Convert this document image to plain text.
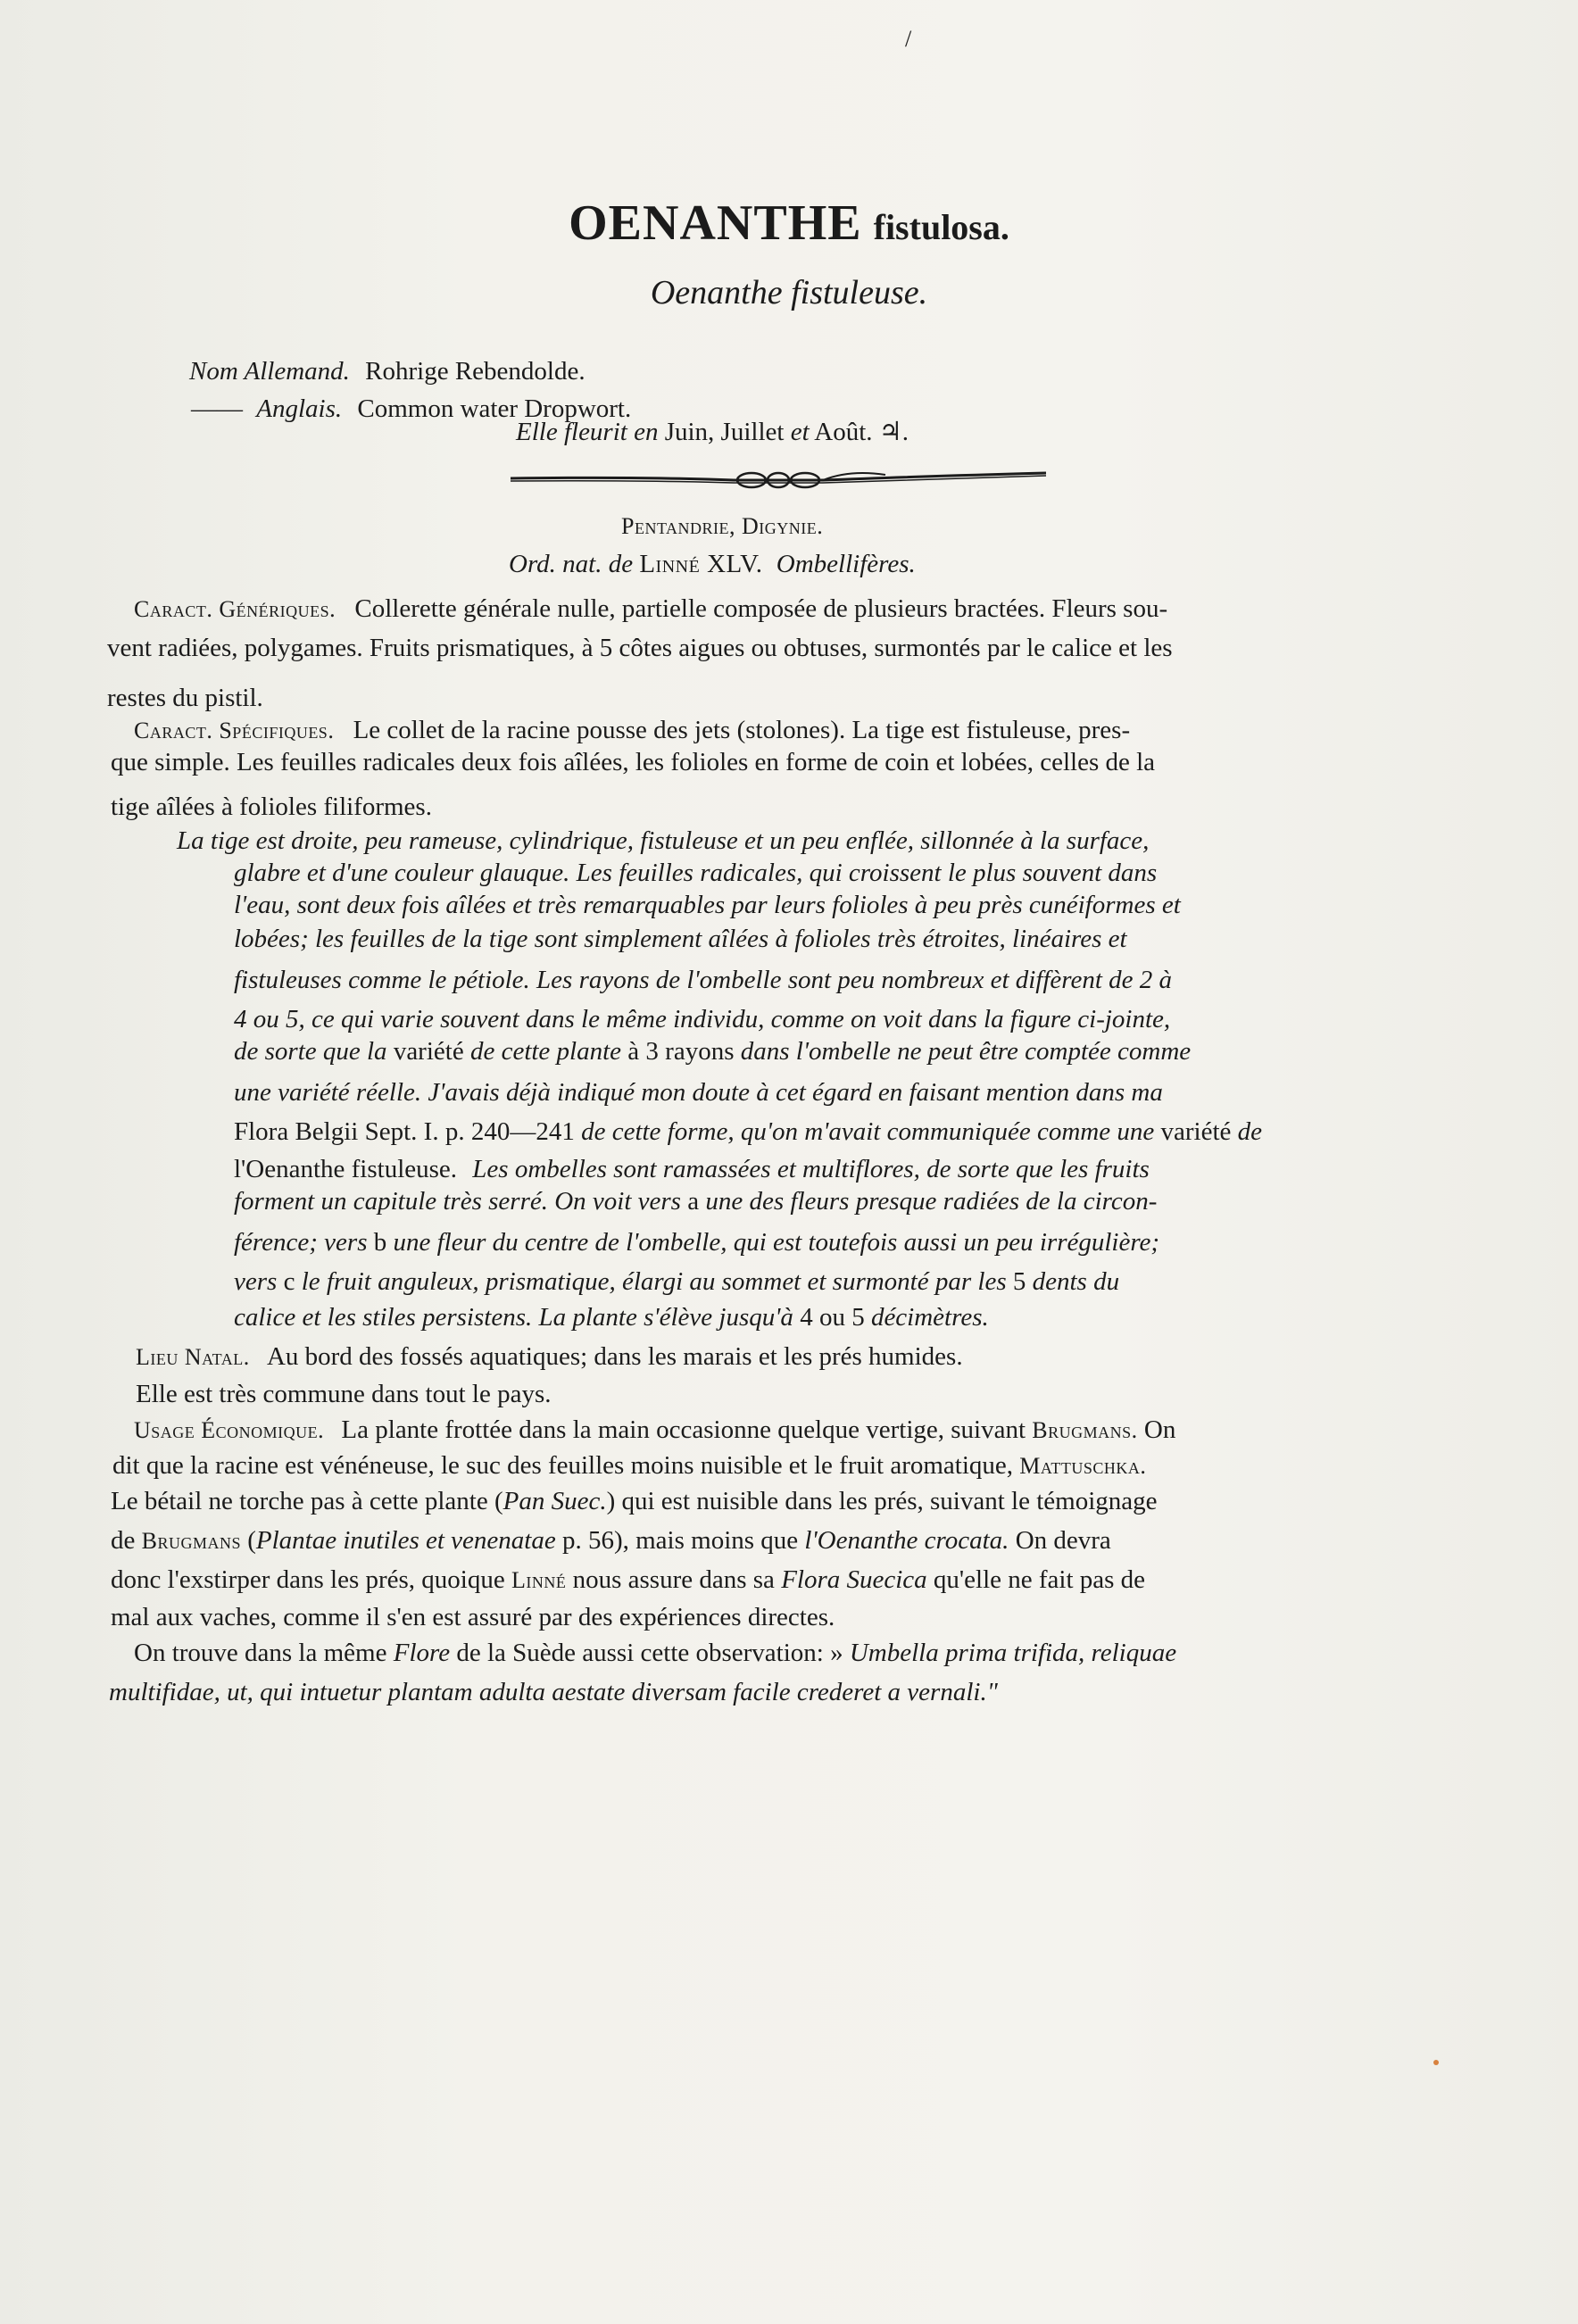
/
OENANTHE fistulosa.
Oenanthe fistuleuse.
Nom Allemand. Rohrige Rebendolde.
—— Anglais. Common water Dropwort.
Elle fleurit en Juin, Juillet et Août. ♃.
Pentandrie, Digynie.
Ord. nat. de Linné XLV. Ombellifères.
Caract. Génériques. Collerette générale nulle, partielle composée de plusieurs bractées. Fleurs sou-
vent radiées, polygames. Fruits prismatiques, à 5 côtes aigues ou obtuses, surmontés par le calice et les
restes du pistil.
Caract. Spécifiques. Le collet de la racine pousse des jets (stolones). La tige est fistuleuse, pres-
que simple. Les feuilles radicales deux fois aîlées, les folioles en forme de coin et lobées, celles de la
tige aîlées à folioles filiformes.
La tige est droite, peu rameuse, cylindrique, fistuleuse et un peu enflée, sillonnée à la surface,
glabre et d'une couleur glauque. Les feuilles radicales, qui croissent le plus souvent dans
l'eau, sont deux fois aîlées et très remarquables par leurs folioles à peu près cunéiformes et
lobées; les feuilles de la tige sont simplement aîlées à folioles très étroites, linéaires et
fistuleuses comme le pétiole. Les rayons de l'ombelle sont peu nombreux et diffèrent de 2 à
4 ou 5, ce qui varie souvent dans le même individu, comme on voit dans la figure ci-jointe,
de sorte que la variété de cette plante à 3 rayons dans l'ombelle ne peut être comptée comme
une variété réelle. J'avais déjà indiqué mon doute à cet égard en faisant mention dans ma
Flora Belgii Sept. I. p. 240—241 de cette forme, qu'on m'avait communiquée comme une variété de
l'Oenanthe fistuleuse. Les ombelles sont ramassées et multiflores, de sorte que les fruits
forment un capitule très serré. On voit vers a une des fleurs presque radiées de la circon-
férence; vers b une fleur du centre de l'ombelle, qui est toutefois aussi un peu irrégulière;
vers c le fruit anguleux, prismatique, élargi au sommet et surmonté par les 5 dents du
calice et les stiles persistens. La plante s'élève jusqu'à 4 ou 5 décimètres.
Lieu Natal. Au bord des fossés aquatiques; dans les marais et les prés humides.
Elle est très commune dans tout le pays.
Usage Économique. La plante frottée dans la main occasionne quelque vertige, suivant Brugmans. On
dit que la racine est vénéneuse, le suc des feuilles moins nuisible et le fruit aromatique, Mattuschka.
Le bétail ne torche pas à cette plante (Pan Suec.) qui est nuisible dans les prés, suivant le témoignage
de Brugmans (Plantae inutiles et venenatae p. 56), mais moins que l'Oenanthe crocata. On devra
donc l'exstirper dans les prés, quoique Linné nous assure dans sa Flora Suecica qu'elle ne fait pas de
mal aux vaches, comme il s'en est assuré par des expériences directes.
On trouve dans la même Flore de la Suède aussi cette observation: » Umbella prima trifida, reliquae
multifidae, ut, qui intuetur plantam adulta aestate diversam facile crederet a vernali."
